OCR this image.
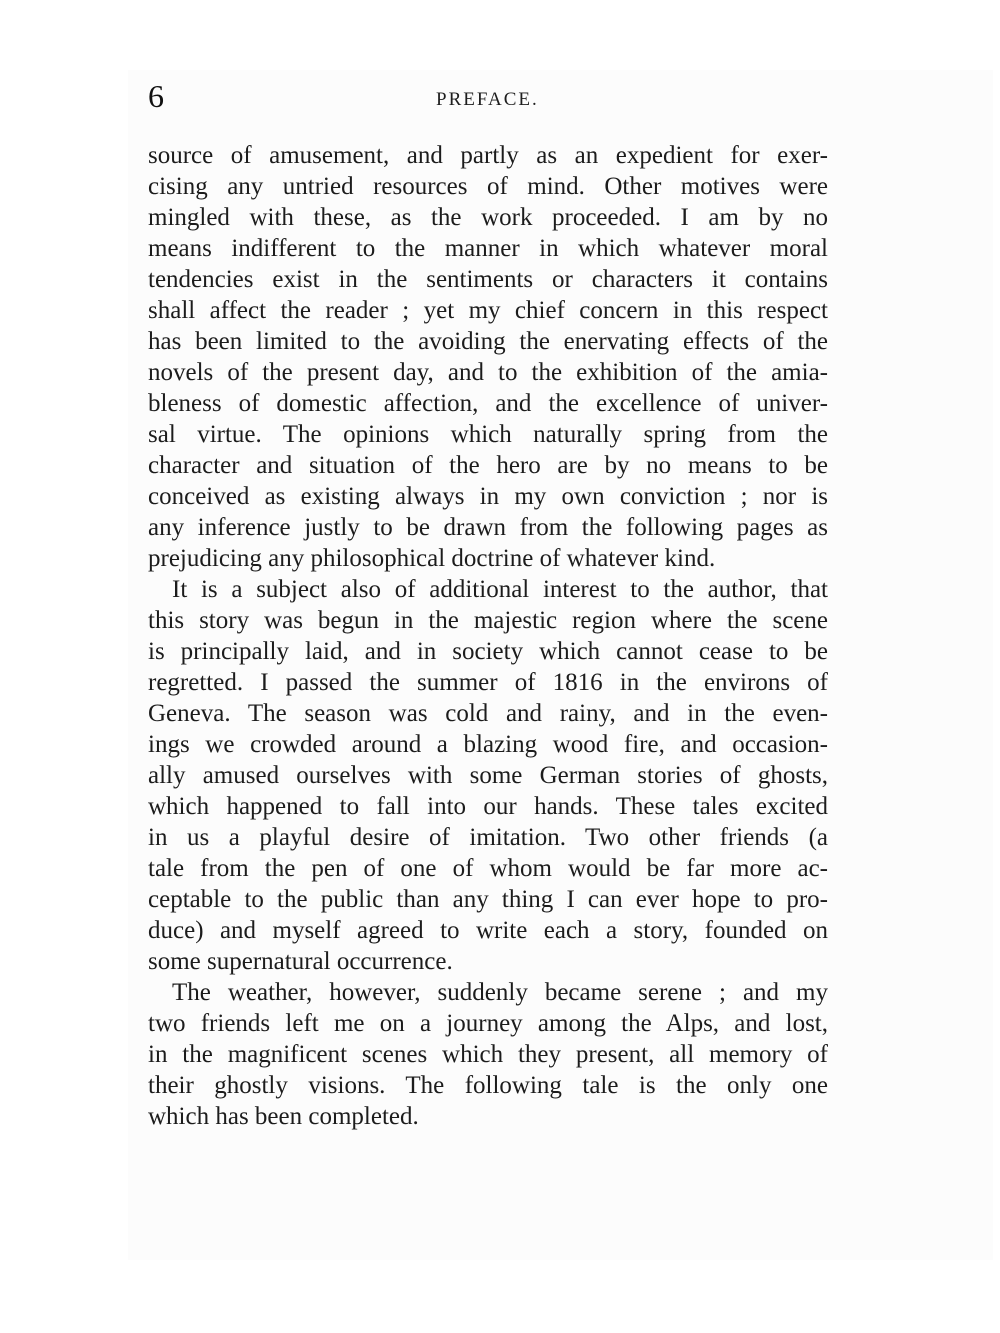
6	PREFACE.
source of amusement, and partly as an expedient for exer-
cising any untried resources of mind. Other motives were
mingled with these, as the work proceeded. I am by no
means indifferent to the manner in which whatever moral
tendencies exist in the sentiments or characters it contains
shall affect the reader ; yet my chief concern in this respect
has been limited to the avoiding the enervating effects of the
novels of the present day, and to the exhibition of the amia-
bleness of domestic affection, and the excellence of univer-
sal virtue. The opinions which naturally spring from the
character and situation of the hero are by no means to be
conceived as existing always in my own conviction ; nor is
any inference justly to be drawn from the following pages as
prejudicing any philosophical doctrine of whatever kind.
It is a subject also of additional interest to the author, that
this story was begun in the majestic region where the scene
is principally laid, and in society which cannot cease to be
regretted. I passed the summer of 1816 in the environs of
Geneva. The season was cold and rainy, and in the even-
ings we crowded around a blazing wood fire, and occasion-
ally amused ourselves with some German stories of ghosts,
which happened to fall into our hands. These tales excited
in us a playful desire of imitation. Two other friends (a
tale from the pen of one of whom would be far more ac-
ceptable to the public than any thing I can ever hope to pro-
duce) and myself agreed to write each a story, founded on
some supernatural occurrence.
The weather, however, suddenly became serene ; and my
two friends left me on a journey among the Alps, and lost,
in the magnificent scenes which they present, all memory of
their ghostly visions. The following tale is the only one
which has been completed.
